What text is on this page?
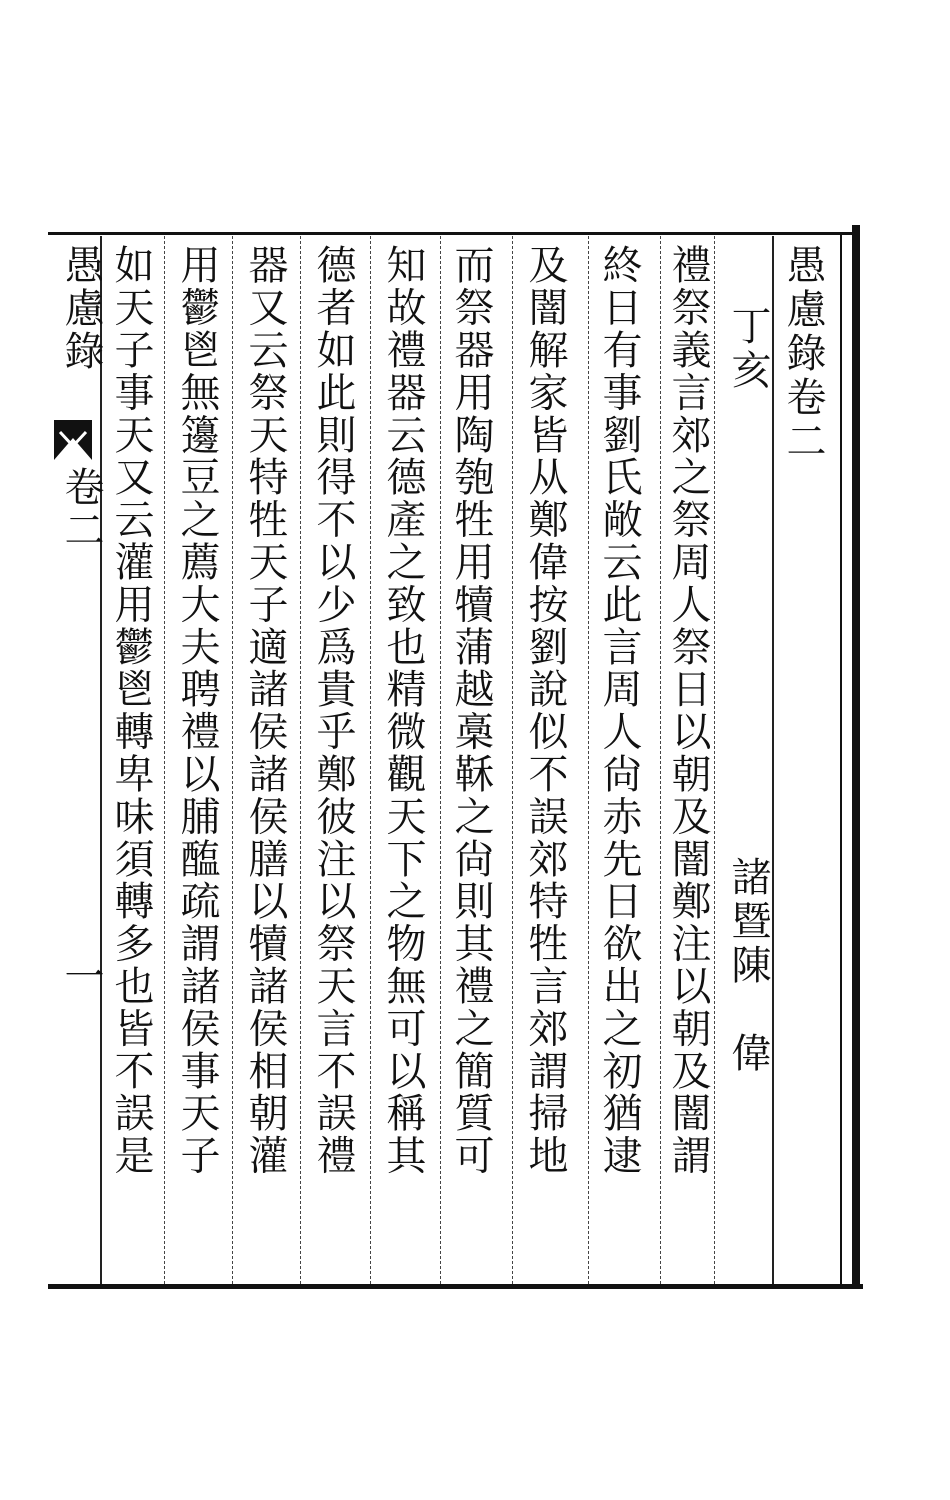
愚慮錄卷二
丁亥
諸暨陳　偉
禮祭義言郊之祭周人祭日以朝及闇鄭注以朝及闇謂
終日有事劉氏敞云此言周人尙赤先日欲出之初猶逮
及闇解家皆从鄭偉按劉說似不誤郊特牲言郊謂掃地
而祭器用陶匏牲用犢蒲越槀鞂之尙則其禮之簡質可
知故禮器云德產之致也精微觀天下之物無可以稱其
德者如此則得不以少爲貴乎鄭彼注以祭天言不誤禮
器又云祭天特牲天子適諸侯諸侯膳以犢諸侯相朝灌
用鬱鬯無籩豆之薦大夫聘禮以脯醢疏謂諸侯事天子
如天子事天又云灌用鬱鬯轉卑味須轉多也皆不誤是
愚慮錄
卷二
一
